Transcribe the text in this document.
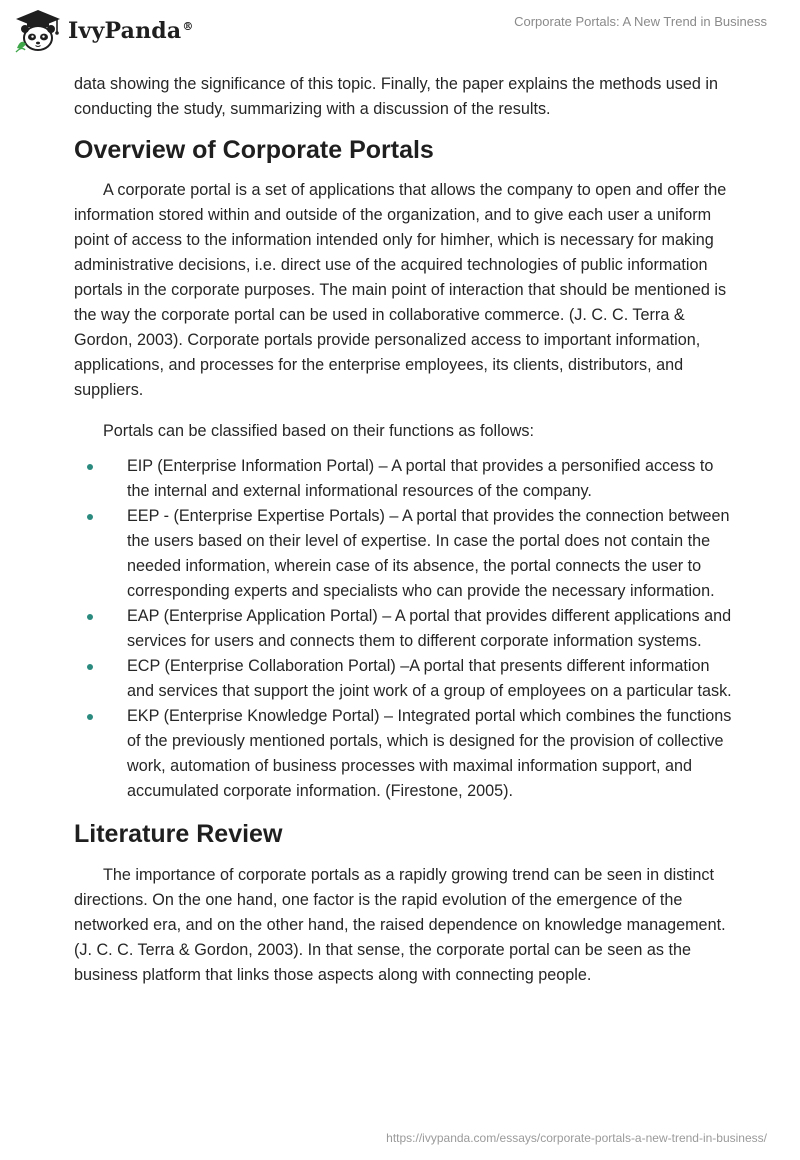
IvyPanda®	Corporate Portals: A New Trend in Business

data showing the significance of this topic. Finally, the paper explains the methods used in conducting the study, summarizing with a discussion of the results.

Overview of Corporate Portals

A corporate portal is a set of applications that allows the company to open and offer the information stored within and outside of the organization, and to give each user a uniform point of access to the information intended only for himher, which is necessary for making administrative decisions, i.e. direct use of the acquired technologies of public information portals in the corporate purposes. The main point of interaction that should be mentioned is the way the corporate portal can be used in collaborative commerce. (J. C. C. Terra & Gordon, 2003). Corporate portals provide personalized access to important information, applications, and processes for the enterprise employees, its clients, distributors, and suppliers.

Portals can be classified based on their functions as follows:

EIP (Enterprise Information Portal) – A portal that provides a personified access to the internal and external informational resources of the company.
EEP - (Enterprise Expertise Portals) – A portal that provides the connection between the users based on their level of expertise. In case the portal does not contain the needed information, wherein case of its absence, the portal connects the user to corresponding experts and specialists who can provide the necessary information.
EAP (Enterprise Application Portal) – A portal that provides different applications and services for users and connects them to different corporate information systems.
ECP (Enterprise Collaboration Portal) –A portal that presents different information and services that support the joint work of a group of employees on a particular task.
EKP (Enterprise Knowledge Portal) – Integrated portal which combines the functions of the previously mentioned portals, which is designed for the provision of collective work, automation of business processes with maximal information support, and accumulated corporate information. (Firestone, 2005).
Literature Review

The importance of corporate portals as a rapidly growing trend can be seen in distinct directions. On the one hand, one factor is the rapid evolution of the emergence of the networked era, and on the other hand, the raised dependence on knowledge management. (J. C. C. Terra & Gordon, 2003). In that sense, the corporate portal can be seen as the business platform that links those aspects along with connecting people.

https://ivypanda.com/essays/corporate-portals-a-new-trend-in-business/
